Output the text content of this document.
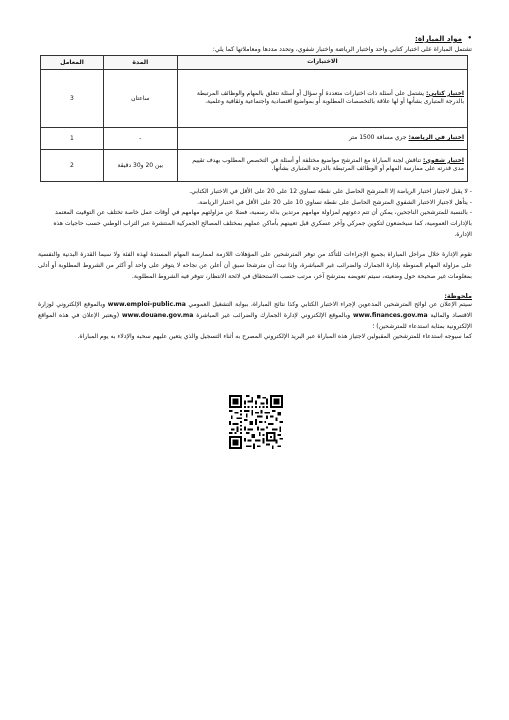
•
مواد المباراة:
تشتمل المباراة على اختبار كتابي واحد واختبار الرياضة واختبار شفوي، وتحدد مددها ومعاملاتها كما يلي:
الاختبارات	المدة	المعامل
اختبار كتابي: يشتمل على أسئلة ذات اختيارات متعددة أو سؤال أو أسئلة تتعلق بالمهام والوظائف المرتبطة بالدرجة المتبارى بشأنها أو لها علاقة بالتخصصات المطلوبة أو بمواضيع اقتصادية واجتماعية وثقافية وعلمية.	ساعتان	3
اختبار في الرياضة: جري مسافة 1500 متر	-	1
اختبار شفوي: تناقش لجنة المباراة مع المترشح مواضيع مختلفة أو أسئلة في التخصص المطلوب بهدف تقييم مدى قدرته على ممارسة المهام أو الوظائف المرتبطة بالدرجة المتبارى بشأنها.	بين 20 و30 دقيقة	2

- لا يقبل لاجتياز اختبار الرياضة إلا المترشح الحاصل على نقطة تساوي 12 على 20 على الأقل في الاختبار الكتابي.

- يتأهل لاجتياز الاختبار الشفوي المترشح الحاصل على نقطة تساوي 10 على 20 على الأقل في اختبار الرياضة.

- بالنسبة للمترشحين الناجحين، يمكن أن تتم دعوتهم لمزاولة مهامهم مرتدين بذلة رسمية، فضلا عن مزاولتهم مهامهم في أوقات عمل خاصة تختلف عن التوقيت المعتمد بالإدارات العمومية، كما سيخضعون لتكوين جمركي وآخر عسكري قبل تعيينهم بأماكن عملهم بمختلف المصالح الجمركية المنتشرة عبر التراب الوطني حسب حاجيات هذه الإدارة.

تقوم الإدارة خلال مراحل المباراة بجميع الإجراءات للتأكد من توفر المترشحين على المؤهلات اللازمة لممارسة المهام المسندة لهذه الفئة ولا سيما القدرة البدنية والنفسية على مزاولة المهام المنوطة بإدارة الجمارك والضرائب غير المباشرة، وإذا تبث أن مترشحا سبق أن أعلن عن نجاحه لا يتوفر على واحد أو أكثر من الشروط المطلوبة أو أدلى بمعلومات غير صحيحة حول وضعيته، سيتم تعويضه بمترشح آخر، مرتب حسب الاستحقاق في لائحة الانتظار، تتوفر فيه الشروط المطلوبة.
ملحوظة:

سيتم الإعلان عن لوائح المترشحين المدعوين لإجراء الاختبار الكتابي وكذا نتائج المباراة، ببوابة التشغيل العمومي www.emploi-public.ma وبالموقع الإلكتروني لوزارة الاقتصاد والمالية www.finances.gov.ma وبالموقع الإلكتروني لإدارة الجمارك والضرائب غير المباشرة www.douane.gov.ma (ويعتبر الإعلان في هذه المواقع الإلكترونية بمثابة استدعاء للمترشحين) ؛

كما سيوجه استدعاء للمترشحين المقبولين لاجتياز هذه المباراة عبر البريد الإلكتروني المصرح به أثناء التسجيل والذي يتعين عليهم سحبه والإدلاء به يوم المباراة.
